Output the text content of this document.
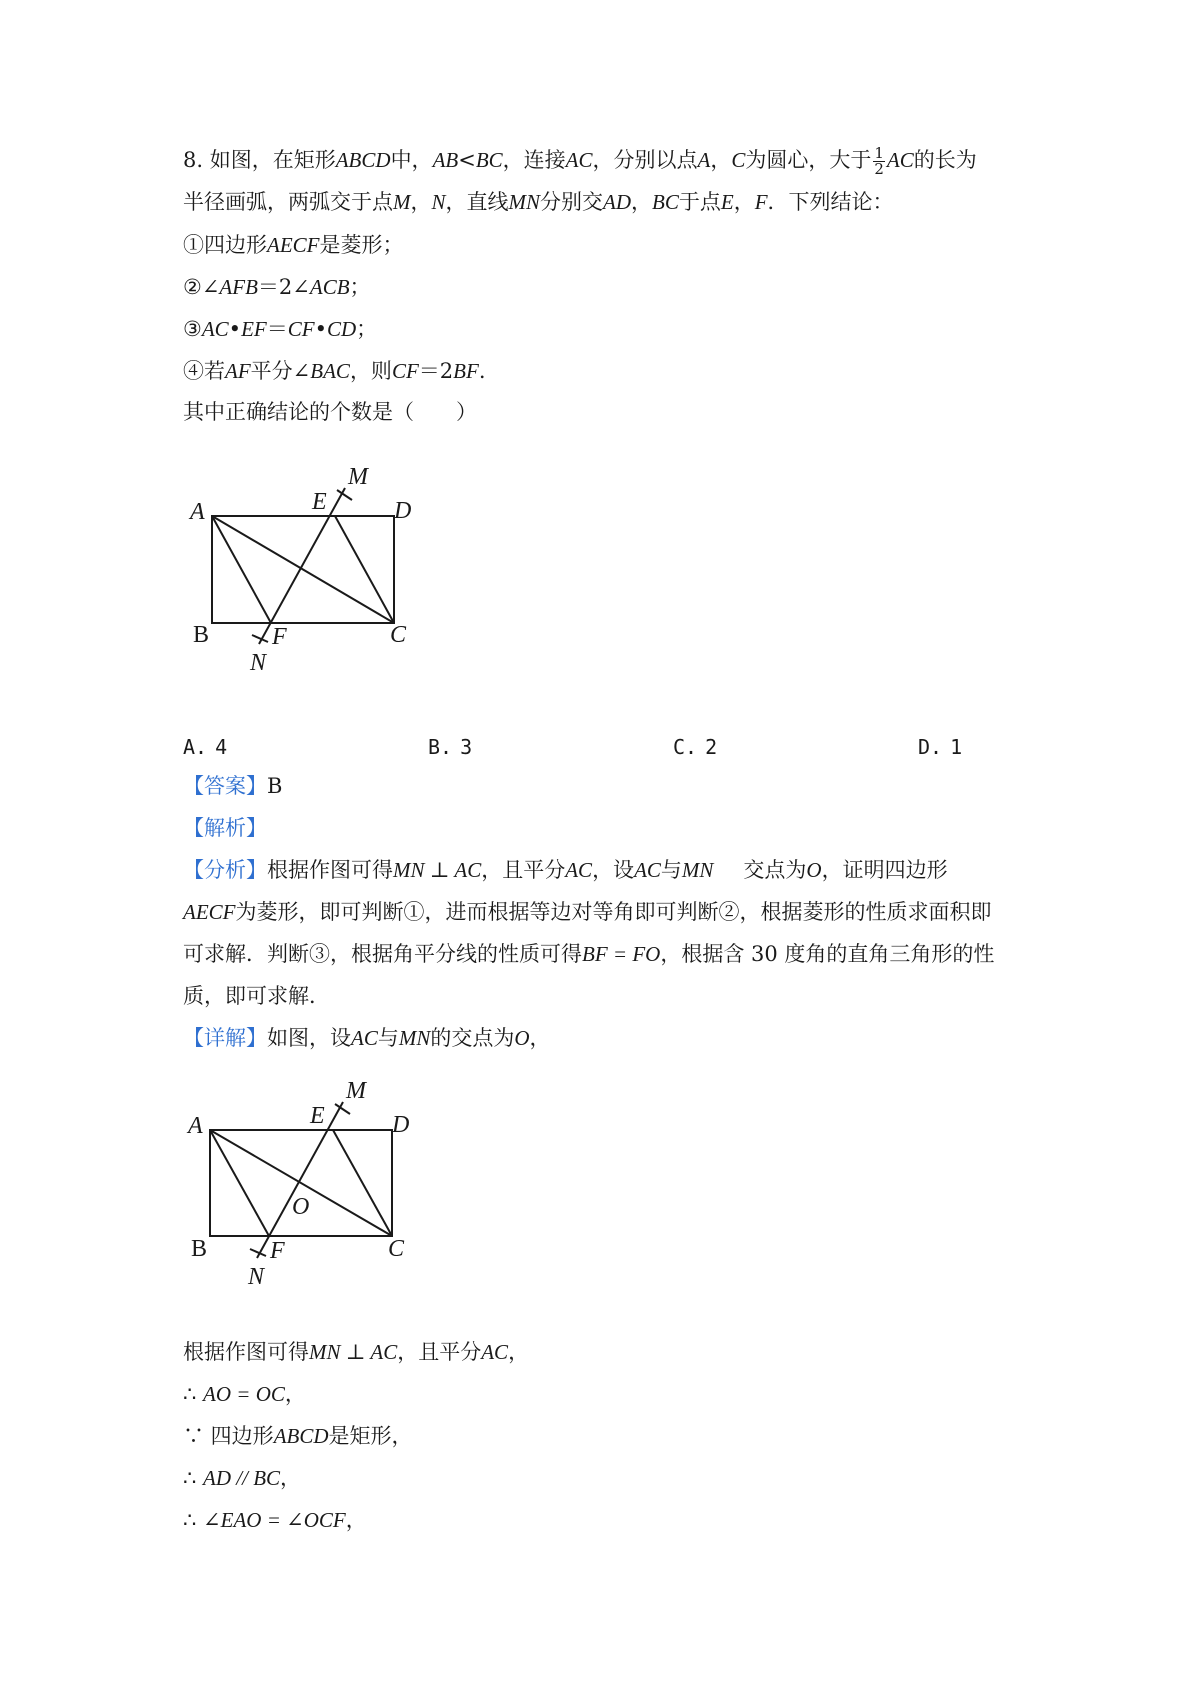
8. 如图，在矩形ABCD中，AB<BC，连接AC，分别以点A，C为圆心，大于 $\frac{1}{2}$ AC的长为
半径画弧，两弧交于点M，N，直线MN分别交AD，BC于点E，F．下列结论：
①四边形AECF是菱形；
②∠AFB＝2∠ACB；
③AC•EF＝CF•CD；
④若AF平分∠BAC，则CF＝2BF.
其中正确结论的个数是（　　）
A	D
E
M
B	C
F
N
A. 4	B. 3	C. 2	D. 1
【答案】B
【解析】
【分析】根据作图可得MN ⊥ AC，且平分AC，设AC与MN 交点为O，证明四边形
AECF为菱形，即可判断①，进而根据等边对等角即可判断②，根据菱形的性质求面积即
可求解．判断③，根据角平分线的性质可得BF = FO，根据含 30 度角的直角三角形的性
质，即可求解．
【详解】如图，设AC与MN的交点为O，
A	D
E
M
O
B	C
F
N
根据作图可得MN ⊥ AC，且平分AC，
∴ AO = OC，
∵ 四边形ABCD是矩形，
∴ AD // BC，
∴ ∠EAO = ∠OCF，
